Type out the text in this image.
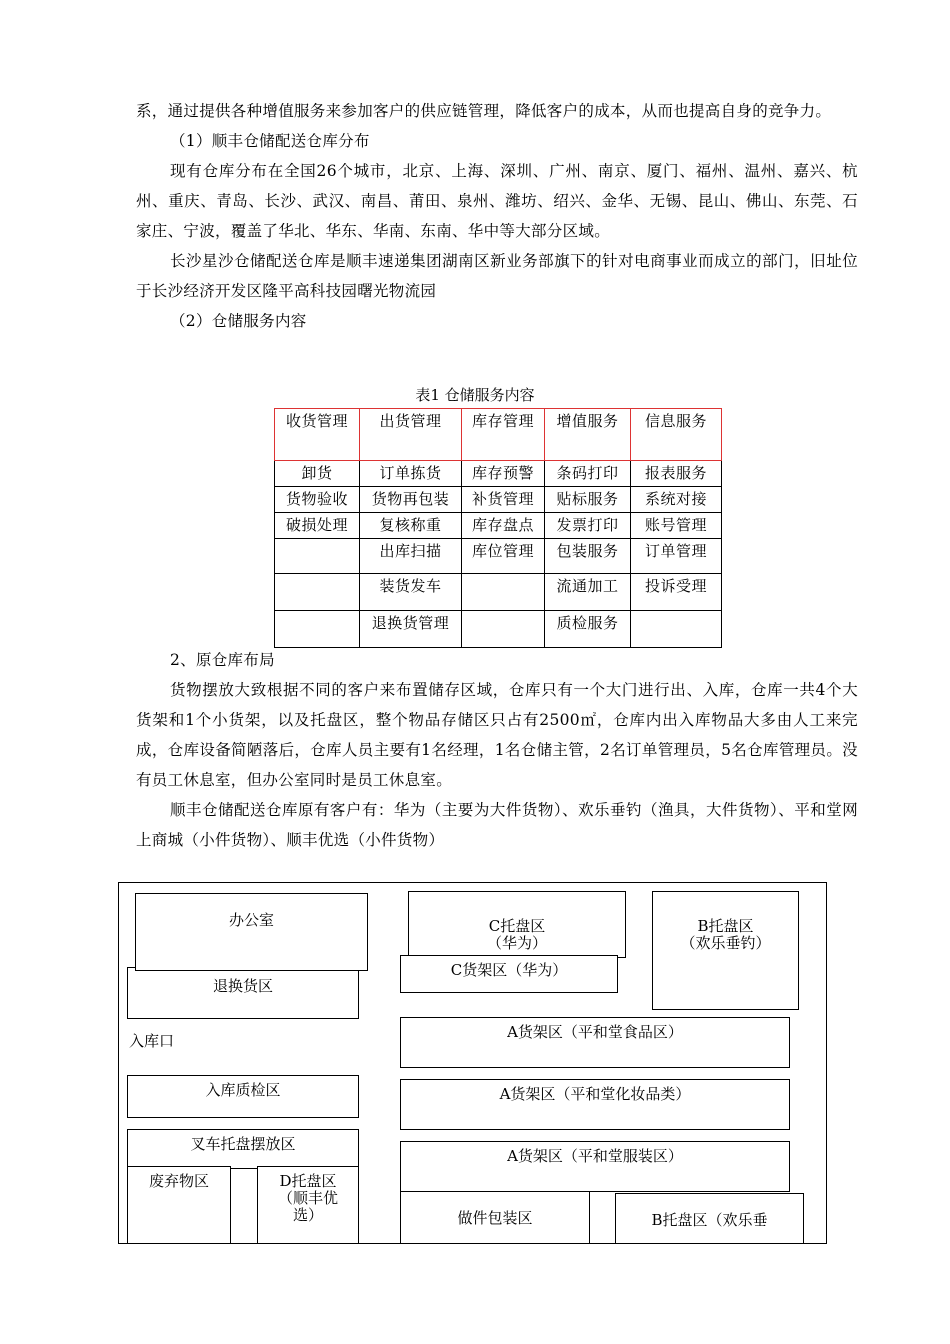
系，通过提供各种增值服务来参加客户的供应链管理，降低客户的成本，从而也提高自身的竞争力。

（1）顺丰仓储配送仓库分布

现有仓库分布在全国26个城市，北京、上海、深圳、广州、南京、厦门、福州、温州、嘉兴、杭州、重庆、青岛、长沙、武汉、南昌、莆田、泉州、潍坊、绍兴、金华、无锡、昆山、佛山、东莞、石家庄、宁波，覆盖了华北、华东、华南、东南、华中等大部分区域。

长沙星沙仓储配送仓库是顺丰速递集团湖南区新业务部旗下的针对电商事业而成立的部门，旧址位于长沙经济开发区隆平高科技园曙光物流园

（2）仓储服务内容

表1 仓储服务内容
收货管理	出货管理	库存管理	增值服务	信息服务
卸货	订单拣货	库存预警	条码打印	报表服务
货物验收	货物再包装	补货管理	贴标服务	系统对接
破损处理	复核称重	库存盘点	发票打印	账号管理
	出库扫描	库位管理	包装服务	订单管理
	装货发车		流通加工	投诉受理
	退换货管理		质检服务	

2、原仓库布局

货物摆放大致根据不同的客户来布置储存区域，仓库只有一个大门进行出、入库，仓库一共4个大货架和1个小货架，以及托盘区，整个物品存储区只占有2500㎡，仓库内出入库物品大多由人工来完成，仓库设备简陋落后，仓库人员主要有1名经理，1名仓储主管，2名订单管理员，5名仓库管理员。没有员工休息室，但办公室同时是员工休息室。

顺丰仓储配送仓库原有客户有：华为（主要为大件货物）、欢乐垂钓（渔具，大件货物）、平和堂网上商城（小件货物）、顺丰优选（小件货物）

退换货区
办公室
入库口
入库质检区
叉车托盘摆放区
废弃物区	D托盘区（顺丰优选）

C托盘区
（华为）

C货架区（华为）

B托盘区
（欢乐垂钓）

A货架区（平和堂食品区）
A货架区（平和堂化妆品类）
A货架区（平和堂服装区）
做件包装区	B托盘区（欢乐垂
